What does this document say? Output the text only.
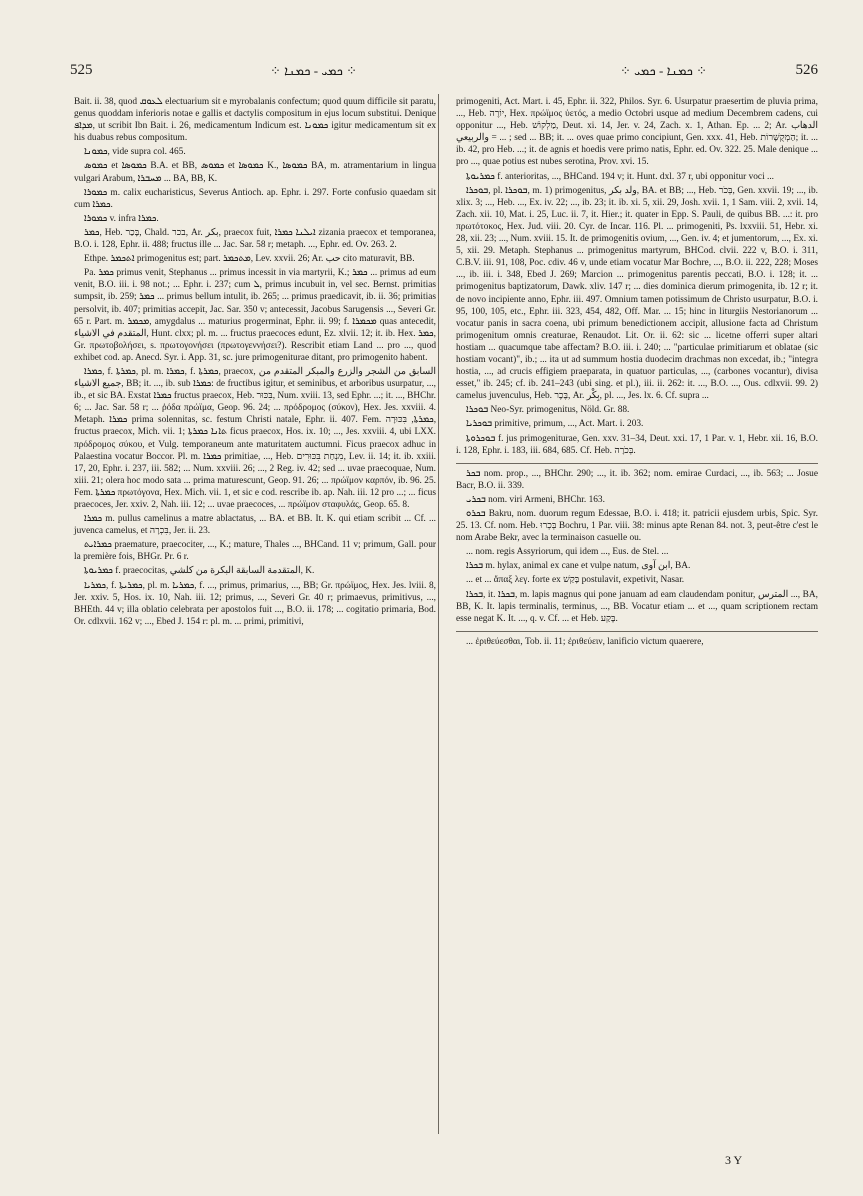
525	⁘ ܟܡܝ - ܟܡܢܐ ⁘	⁘ ܟܡܢܐ - ܟܡܝ ⁘	526

Bait. ii. 38, quod ܠܥܘܩ electuarium sit e myrobalanis confectum; quod quum difficile sit paratu, genus quoddam inferioris notae e gallis et dactylis compositum in ejus locum substitui. Denique ܡܕܐܦ, ut scribit Ibn Bait. i. 26, medicamentum Indicum est. ܟܡܘܢܐ igitur medicamentum sit ex his duabus rebus compositum.

ܟܡܘܢܐ, vide supra col. 465.

ܟܡܘܣ et ܟܡܘܣܐ B.A. et BB, ܟܡܘܣ et ܟܡܘܣܐ K., ܟܡܘܣܐ BA, m. atramentarium in lingua vulgari Arabum, ܡܚܒܪܐ ... BA, BB, K.

ܟܡܘܪܐ m. calix eucharisticus, Severus Antioch. ap. Ephr. i. 297. Forte confusio quaedam sit cum ܟܡܪܐ.

ܟܡܘܪܐ v. infra ܟܡܪܐ.

ܟܡܪ, Heb. בָּכַר, Chald. בכר, Ar. بكر, praecox fuit, ܐܝܠܢܐ ܟܡܪܐ zizania praecox et temporanea, B.O. i. 128, Ephr. ii. 488; fructus ille ... Jac. Sar. 58 r; metaph. ..., Ephr. ed. Ov. 263. 2.

Ethpe. ܐܬܟܡܪ primogenitus est; part. ܡܬܟܡܪ, Lev. xxvii. 26; Ar. حب cito maturavit, BB.

Pa. ܟܡܪ primus venit, Stephanus ... primus incessit in via martyrii, K.; ܟܡܪ ... primus ad eum venit, B.O. iii. i. 98 not.; ... Ephr. i. 237; cum ܠ, primus incubuit in, vel sec. Bernst. primitias sumpsit, ib. 259; ܟܡܪ ... primus bellum intulit, ib. 265; ... primus praedicavit, ib. ii. 36; primitias persolvit, ib. 407; primitias accepit, Jac. Sar. 350 v; antecessit, Jacobus Sarugensis ..., Severi Gr. 65 r. Part. m. ܡܟܡܪ, amygdalus ... maturius progerminat, Ephr. ii. 99; f. ܡܟܡܪܐ quas antecedit, المتقدم في الاشياء, Hunt. clxx; pl. m. ... fructus praecoces edunt, Ez. xlvii. 12; it. ib. Hex. ܟܡܪ, Gr. πρωτοβολήσει, s. πρωτογονήσει (πρωτογεννήσει?). Rescribit etiam Land ... pro ..., quod exhibet cod. ap. Anecd. Syr. i. App. 31, sc. jure primogeniturae ditant, pro primogenito habent.

ܟܡܪܐ, f. ܟܡܪܬܐ, pl. m. ܟܡܪܐ, f. ܟܡܪܬܐ, praecox, السابق من الشجر والزرع والمبكر المتقدم من جميع الاشياء, BB; it. ..., ib. sub ܟܡܪܐ: de fructibus igitur, et seminibus, et arboribus usurpatur, ..., ib., et sic BA. Exstat ܟܡܪܐ fructus praecox, Heb. בִּכּוּר, Num. xviii. 13, sed Ephr. ...; it. ..., BHChr. 6; ... Jac. Sar. 58 r; ... ῥόδα πρώϊμα, Geop. 96. 24; ... πρόδρομος (σύκον), Hex. Jes. xxviii. 4. Metaph. ܟܡܪܐ prima solennitas, sc. festum Christi natale, Ephr. ii. 407. Fem. ܟܡܪܬܐ, בִּכּוּרָה, fructus praecox, Mich. vii. 1; ܬܐܢܐ ܟܡܪܬܐ ficus praecox, Hos. ix. 10; ..., Jes. xxviii. 4, ubi LXX. πρόδρομος σύκου, et Vulg. temporaneum ante maturitatem auctumni. Ficus praecox adhuc in Palaestina vocatur Boccor. Pl. m. ܟܡܪܐ primitiae, ..., Heb. מִנְחַת בִּכּוּרִים, Lev. ii. 14; it. ib. xxiii. 17, 20, Ephr. i. 237, iii. 582; ... Num. xxviii. 26; ..., 2 Reg. iv. 42; sed ... uvae praecoquae, Num. xiii. 21; olera hoc modo sata ... prima maturescunt, Geop. 91. 26; ... πρώϊμον καρπόν, ib. 96. 25. Fem. ܟܡܪܬܐ πρωτόγονα, Hex. Mich. vii. 1, et sic e cod. rescribe ib. ap. Nah. iii. 12 pro ...; ... ficus praecoces, Jer. xxiv. 2, Nah. iii. 12; ... uvae praecoces, ... πρώϊμον σταφυλάς, Geop. 65. 8.

ܟܡܪܐ m. pullus camelinus a matre ablactatus, ... BA. et BB. It. K. qui etiam scribit ... Cf. ... juvenca camelus, et בִּכְרָה, Jer. ii. 23.

ܟܡܪܐܝܬ praemature, praecociter, ..., K.; mature, Thales ..., BHCand. 11 v; primum, Gall. pour la première fois, BHGr. Pr. 6 r.

ܟܡܪܝܘܬܐ f. praecocitas, المتقدمة السابقة البكرة من كلشي, K.

ܟܡܪܝܐ, f. ܟܡܪܝܬܐ, pl. m. ܟܡܪܝܐ, f. ..., primus, primarius, ..., BB; Gr. πρώϊμος, Hex. Jes. lviii. 8, Jer. xxiv. 5, Hos. ix. 10, Nah. iii. 12; primus, ..., Severi Gr. 40 r; primaevus, primitivus, ..., BHEth. 44 v; illa oblatio celebrata per apostolos fuit ..., B.O. ii. 178; ... cogitatio primaria, Bod. Or. cdlxvii. 162 v; ..., Ebed J. 154 r: pl. m. ... primi, primitivi,

primogeniti, Act. Mart. i. 45, Ephr. ii. 322, Philos. Syr. 6. Usurpatur praesertim de pluvia prima, ..., Heb. יוֹרֶה, Hex. πρώϊμος ὑετός, a medio Octobri usque ad medium Decembrem cadens, cui opponitur ..., Heb. מַלְקוֹשׁ, Deut. xi. 14, Jer. v. 24, Zach. x. 1, Athan. Ep. ... 2; Ar. الدهاب والربيعي = ... ; sed ... BB; it. ... oves quae primo concipiunt, Gen. xxx. 41, Heb. הַמְקֻשָּׁרוֹת; it. ... ib. 42, pro Heb. ...; it. de agnis et hoedis vere primo natis, Ephr. ed. Ov. 322. 25. Male denique ... pro ..., quae potius est nubes serotina, Prov. xvi. 15.

ܟܡܪܝܘܬܐ f. anterioritas, ..., BHCand. 194 v; it. Hunt. dxl. 37 r, ubi opponitur voci ...

ܒܘܟܪܐ, pl. ܒܘܟܪܐ, m. 1) primogenitus, ولد بكر, BA. et BB; ..., Heb. בְּכֹר, Gen. xxvii. 19; ..., ib. xlix. 3; ..., Heb. ..., Ex. iv. 22; ..., ib. 23; it. ib. xi. 5, xii. 29, Josh. xvii. 1, 1 Sam. viii. 2, xvii. 14, Zach. xii. 10, Mat. i. 25, Luc. ii. 7, it. Hier.; it. quater in Epp. S. Pauli, de quibus BB. ...: it. pro πρωτότοκος, Hex. Jud. viii. 20. Cyr. de Incar. 116. Pl. ... primogeniti, Ps. lxxviii. 51, Hebr. xi. 28, xii. 23; ..., Num. xviii. 15. It. de primogenitis ovium, ..., Gen. iv. 4; et jumentorum, ..., Ex. xi. 5, xii. 29. Metaph. Stephanus ... primogenitus martyrum, BHCod. clvii. 222 v, B.O. i. 311, C.B.V. iii. 91, 108, Poc. cdiv. 46 v, unde etiam vocatur Mar Bochre, ..., B.O. ii. 222, 228; Moses ..., ib. iii. i. 348, Ebed J. 269; Marcion ... primogenitus parentis peccati, B.O. i. 128; it. ... primogenitus baptizatorum, Dawk. xliv. 147 r; ... dies dominica dierum primogenita, ib. 12 r; it. de novo incipiente anno, Ephr. iii. 497. Omnium tamen potissimum de Christo usurpatur, B.O. i. 95, 100, 105, etc., Ephr. iii. 323, 454, 482, Off. Mar. ... 15; hinc in liturgiis Nestorianorum ... vocatur panis in sacra coena, ubi primum benedictionem accipit, allusione facta ad Christum primogenitum omnis creaturae, Renaudot. Lit. Or. ii. 62: sic ... licetne offerri super altari hostiam ... quacumque tabe affectam? B.O. iii. i. 240; ... "particulae primitiarum et oblatae (sic hostiam vocant)", ib.; ... ita ut ad summum hostia duodecim drachmas non excedat, ib.; "integra hostia, ..., ad crucis effigiem praeparata, in quatuor particulas, ..., (carbones vocantur), divisa esset," ib. 245; cf. ib. 241–243 (ubi sing. et pl.), iii. ii. 262: it. ..., B.O. ..., Ous. cdlxvii. 99. 2) camelus juvenculus, Heb. בֶּכֶר, Ar. بِكْر, pl. ..., Jes. lx. 6. Cf. supra ...

ܒܘܟܪܐ Neo-Syr. primogenitus, Nöld. Gr. 88.

ܒܘܟܪܝܐ primitive, primum, ..., Act. Mart. i. 203.

ܒܘܟܪܘܬܐ f. jus primogeniturae, Gen. xxv. 31–34, Deut. xxi. 17, 1 Par. v. 1, Hebr. xii. 16, B.O. i. 128, Ephr. i. 183, iii. 684, 685. Cf. Heb. בְּכֹרָה.

ܒܟܪ nom. prop., ..., BHChr. 290; ..., it. ib. 362; nom. emirae Curdaci, ..., ib. 563; ... Josue Bacr, B.O. ii. 339.

ܒܟܪܝ nom. viri Armeni, BHChr. 163.

ܒܟܪܘ Bakru, nom. duorum regum Edessae, B.O. i. 418; it. patricii ejusdem urbis, Spic. Syr. 25. 13. Cf. nom. Heb. בְּכְרוּ Bochru, 1 Par. viii. 38: minus apte Renan 84. not. 3, peut-être c'est le nom Arabe Bekr, avec la terminaison casuelle ou.

... nom. regis Assyriorum, qui idem ..., Eus. de Stel. ...

ܒܟܪܐ m. hylax, animal ex cane et vulpe natum, ابن آوى, BA.

... et ... ἅπαξ λεγ. forte ex בָּקַשׁ postulavit, expetivit, Nasar.

ܒܟܪܐ, it. ܒܟܪܐ, m. lapis magnus qui pone januam ad eam claudendam ponitur, المترس ..., BA, BB, K. It. lapis terminalis, terminus, ..., BB. Vocatur etiam ... et ..., quam scriptionem rectam esse negat K. It. ..., q. v. Cf. ... et Heb. בֶּקַע.

... ἐριθεύεσθαι, Tob. ii. 11; ἐριθεύειν, lanificio victum quaerere,

3 Y
